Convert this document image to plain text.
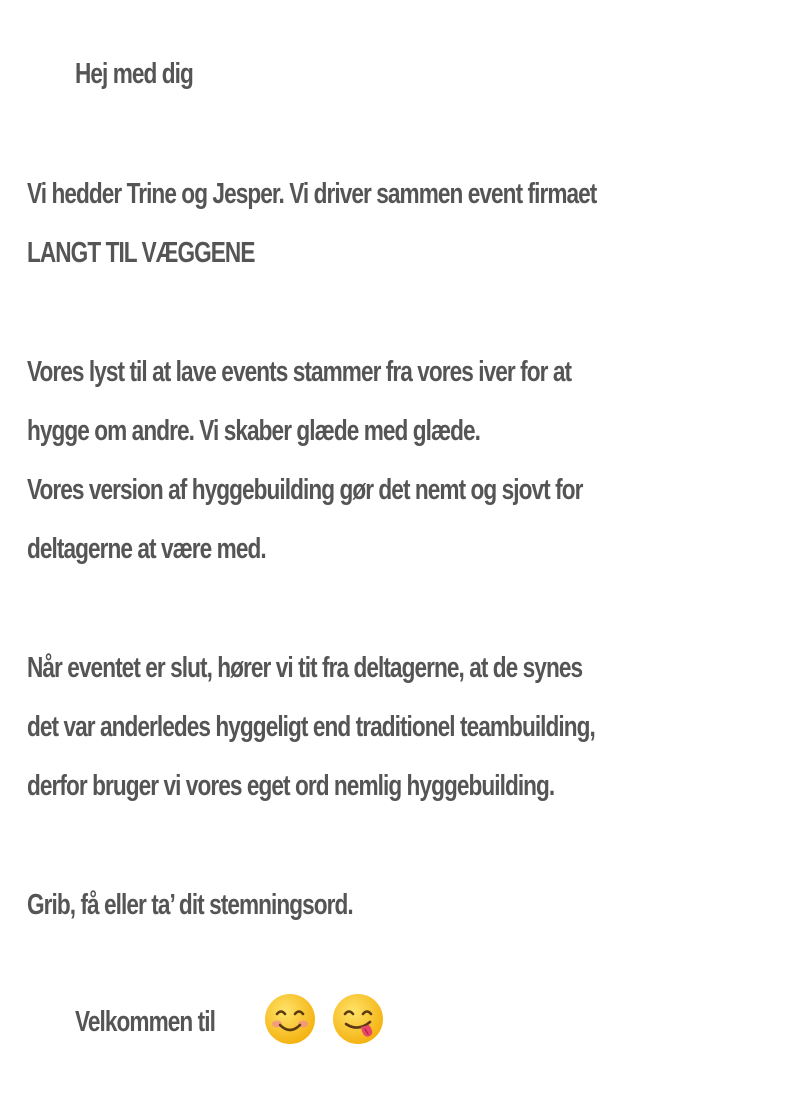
Hej med dig

Vi hedder Trine og Jesper. Vi driver sammen event firmaet

LANGT TIL VÆGGENE

Vores lyst til at lave events stammer fra vores iver for at

hygge om andre. Vi skaber glæde med glæde.

Vores version af hyggebuilding gør det nemt og sjovt for

deltagerne at være med.

Når eventet er slut, hører vi tit fra deltagerne, at de synes

det var anderledes hyggeligt end traditionel teambuilding,

derfor bruger vi vores eget ord nemlig hyggebuilding.

Grib, få eller ta’ dit stemningsord.

Velkommen til
